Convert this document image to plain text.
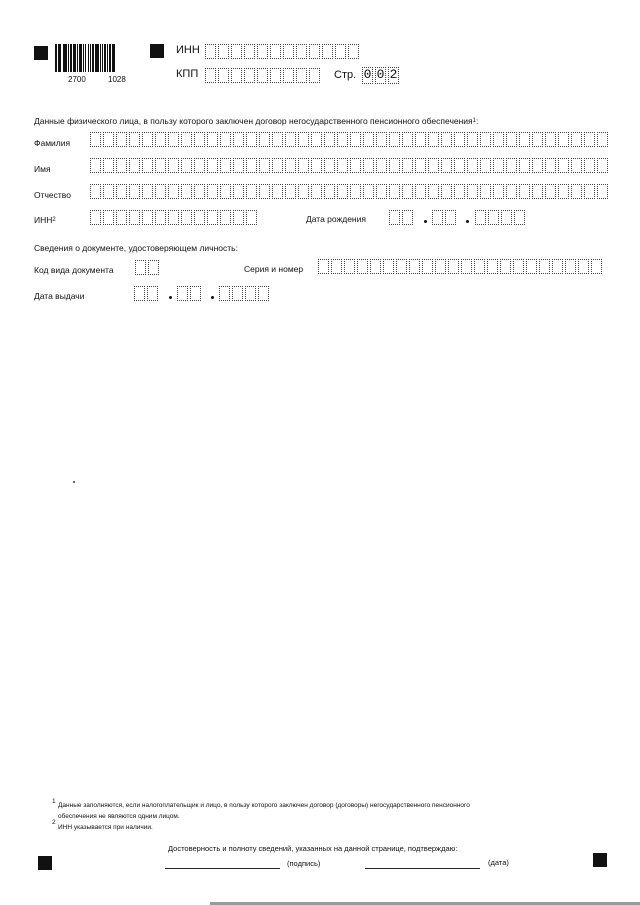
2700	1028
ИНН
КПП	Стр. 0 0 2
Данные физического лица, в пользу которого заключен договор негосударственного пенсионного обеспечения$^1$:
Фамилия
Имя
Отчество
ИНН$^2$	Дата рождения
Сведения о документе, удостоверяющем личность:
Код вида документа	Серия и номер
Дата выдачи
1
Данные заполняются, если налогоплательщик и лицо, в пользу которого заключен договор (договоры) негосударственного пенсионного
обеспечения не являются одним лицом.
2
ИНН указывается при наличии.
Достоверность и полноту сведений, указанных на данной странице, подтверждаю:
(подпись)	(дата)
